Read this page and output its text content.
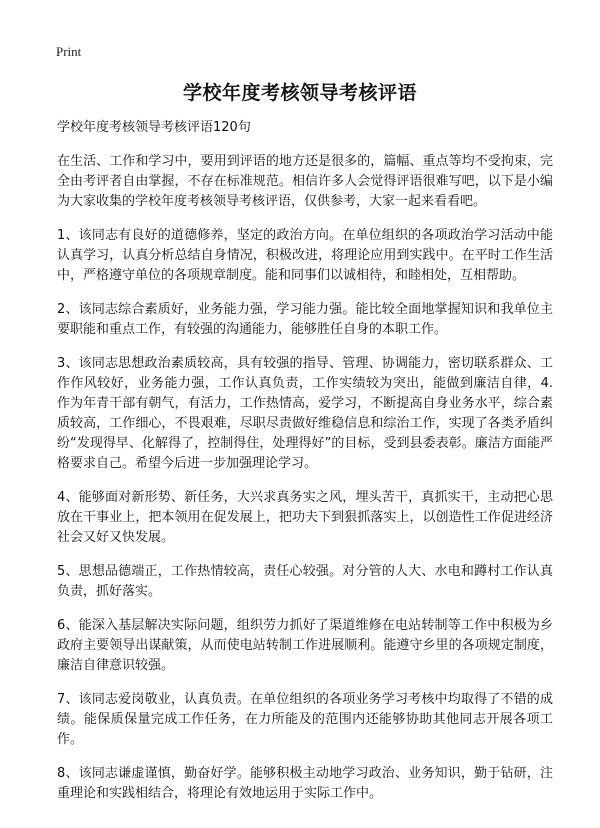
Print
学校年度考核领导考核评语
学校年度考核领导考核评语120句

在生活、工作和学习中，要用到评语的地方还是很多的，篇幅、重点等均不受拘束，完全由考评者自由掌握，不存在标准规范。相信许多人会觉得评语很难写吧，以下是小编为大家收集的学校年度考核领导考核评语，仅供参考，大家一起来看看吧。

1、该同志有良好的道德修养，坚定的政治方向。在单位组织的各项政治学习活动中能认真学习，认真分析总结自身情况，积极改进，将理论应用到实践中。在平时工作生活中，严格遵守单位的各项规章制度。能和同事们以诚相待，和睦相处，互相帮助。

2、该同志综合素质好，业务能力强，学习能力强。能比较全面地掌握知识和我单位主要职能和重点工作，有较强的沟通能力，能够胜任自身的本职工作。

3、该同志思想政治素质较高，具有较强的指导、管理、协调能力，密切联系群众、工作作风较好，业务能力强，工作认真负责，工作实绩较为突出，能做到廉洁自律，4. 作为年青干部有朝气，有活力，工作热情高，爱学习，不断提高自身业务水平，综合素质较高，工作细心，不畏艰难，尽职尽责做好维稳信息和综治工作，实现了各类矛盾纠纷“发现得早、化解得了，控制得住，处理得好”的目标，受到县委表彰。廉洁方面能严格要求自己。希望今后进一步加强理论学习。

4、能够面对新形势、新任务，大兴求真务实之风，埋头苦干，真抓实干，主动把心思放在干事业上，把本领用在促发展上，把功夫下到狠抓落实上，以创造性工作促进经济社会又好又快发展。

5、思想品德端正，工作热情较高，责任心较强。对分管的人大、水电和蹲村工作认真负责，抓好落实。

6、能深入基层解决实际问题，组织劳力抓好了渠道维修在电站转制等工作中积极为乡政府主要领导出谋献策，从而使电站转制工作进展顺利。能遵守乡里的各项规定制度，廉洁自律意识较强。

7、该同志爱岗敬业，认真负责。在单位组织的各项业务学习考核中均取得了不错的成绩。能保质保量完成工作任务，在力所能及的范围内还能够协助其他同志开展各项工作。

8、该同志谦虚谨慎，勤奋好学。能够积极主动地学习政治、业务知识，勤于钻研，注重理论和实践相结合，将理论有效地运用于实际工作中。
